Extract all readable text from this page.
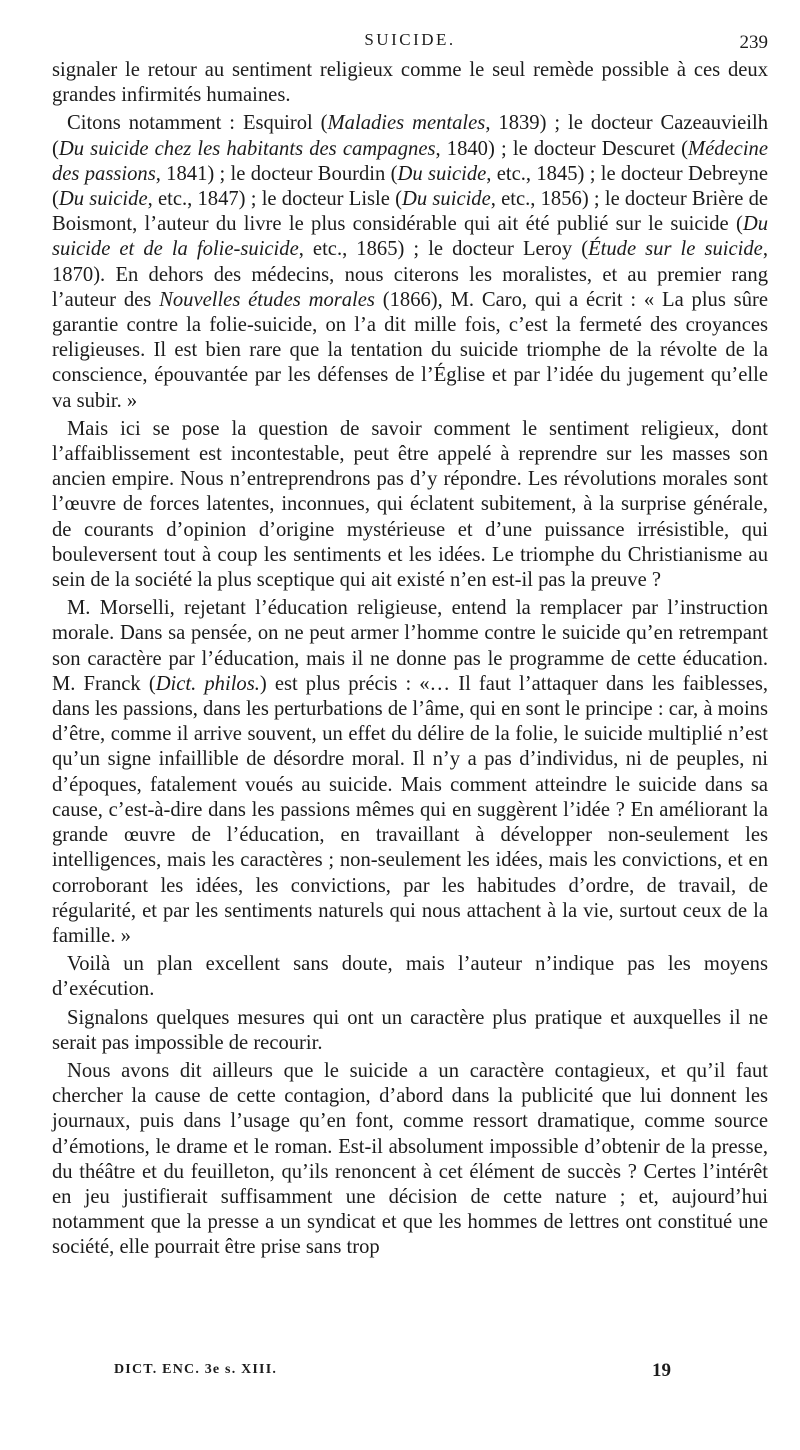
SUICIDE.	239

signaler le retour au sentiment religieux comme le seul remède possible à ces deux grandes infirmités humaines.

Citons notamment : Esquirol (Maladies mentales, 1839) ; le docteur Cazeauvieilh (Du suicide chez les habitants des campagnes, 1840) ; le docteur Descuret (Médecine des passions, 1841) ; le docteur Bourdin (Du suicide, etc., 1845) ; le docteur Debreyne (Du suicide, etc., 1847) ; le docteur Lisle (Du suicide, etc., 1856) ; le docteur Brière de Boismont, l’auteur du livre le plus considérable qui ait été publié sur le suicide (Du suicide et de la folie-suicide, etc., 1865) ; le docteur Leroy (Étude sur le suicide, 1870). En dehors des médecins, nous citerons les moralistes, et au premier rang l’auteur des Nouvelles études morales (1866), M. Caro, qui a écrit : « La plus sûre garantie contre la folie-suicide, on l’a dit mille fois, c’est la fermeté des croyances religieuses. Il est bien rare que la tentation du suicide triomphe de la révolte de la conscience, épouvantée par les défenses de l’Église et par l’idée du jugement qu’elle va subir. »

Mais ici se pose la question de savoir comment le sentiment religieux, dont l’affaiblissement est incontestable, peut être appelé à reprendre sur les masses son ancien empire. Nous n’entreprendrons pas d’y répondre. Les révolutions morales sont l’œuvre de forces latentes, inconnues, qui éclatent subitement, à la surprise générale, de courants d’opinion d’origine mystérieuse et d’une puissance irrésistible, qui bouleversent tout à coup les sentiments et les idées. Le triomphe du Christianisme au sein de la société la plus sceptique qui ait existé n’en est-il pas la preuve ?

M. Morselli, rejetant l’éducation religieuse, entend la remplacer par l’instruction morale. Dans sa pensée, on ne peut armer l’homme contre le suicide qu’en retrempant son caractère par l’éducation, mais il ne donne pas le programme de cette éducation. M. Franck (Dict. philos.) est plus précis : «… Il faut l’attaquer dans les faiblesses, dans les passions, dans les perturbations de l’âme, qui en sont le principe : car, à moins d’être, comme il arrive souvent, un effet du délire de la folie, le suicide multiplié n’est qu’un signe infaillible de désordre moral. Il n’y a pas d’individus, ni de peuples, ni d’époques, fatalement voués au suicide. Mais comment atteindre le suicide dans sa cause, c’est-à-dire dans les passions mêmes qui en suggèrent l’idée ? En améliorant la grande œuvre de l’éducation, en travaillant à développer non-seulement les intelligences, mais les caractères ; non-seulement les idées, mais les convictions, et en corroborant les idées, les convictions, par les habitudes d’ordre, de travail, de régularité, et par les sentiments naturels qui nous attachent à la vie, surtout ceux de la famille. »

Voilà un plan excellent sans doute, mais l’auteur n’indique pas les moyens d’exécution.

Signalons quelques mesures qui ont un caractère plus pratique et auxquelles il ne serait pas impossible de recourir.

Nous avons dit ailleurs que le suicide a un caractère contagieux, et qu’il faut chercher la cause de cette contagion, d’abord dans la publicité que lui donnent les journaux, puis dans l’usage qu’en font, comme ressort dramatique, comme source d’émotions, le drame et le roman. Est-il absolument impossible d’obtenir de la presse, du théâtre et du feuilleton, qu’ils renoncent à cet élément de succès ? Certes l’intérêt en jeu justifierait suffisamment une décision de cette nature ; et, aujourd’hui notamment que la presse a un syndicat et que les hommes de lettres ont constitué une société, elle pourrait être prise sans trop

DICT. ENC. 3e s. XIII.	19
